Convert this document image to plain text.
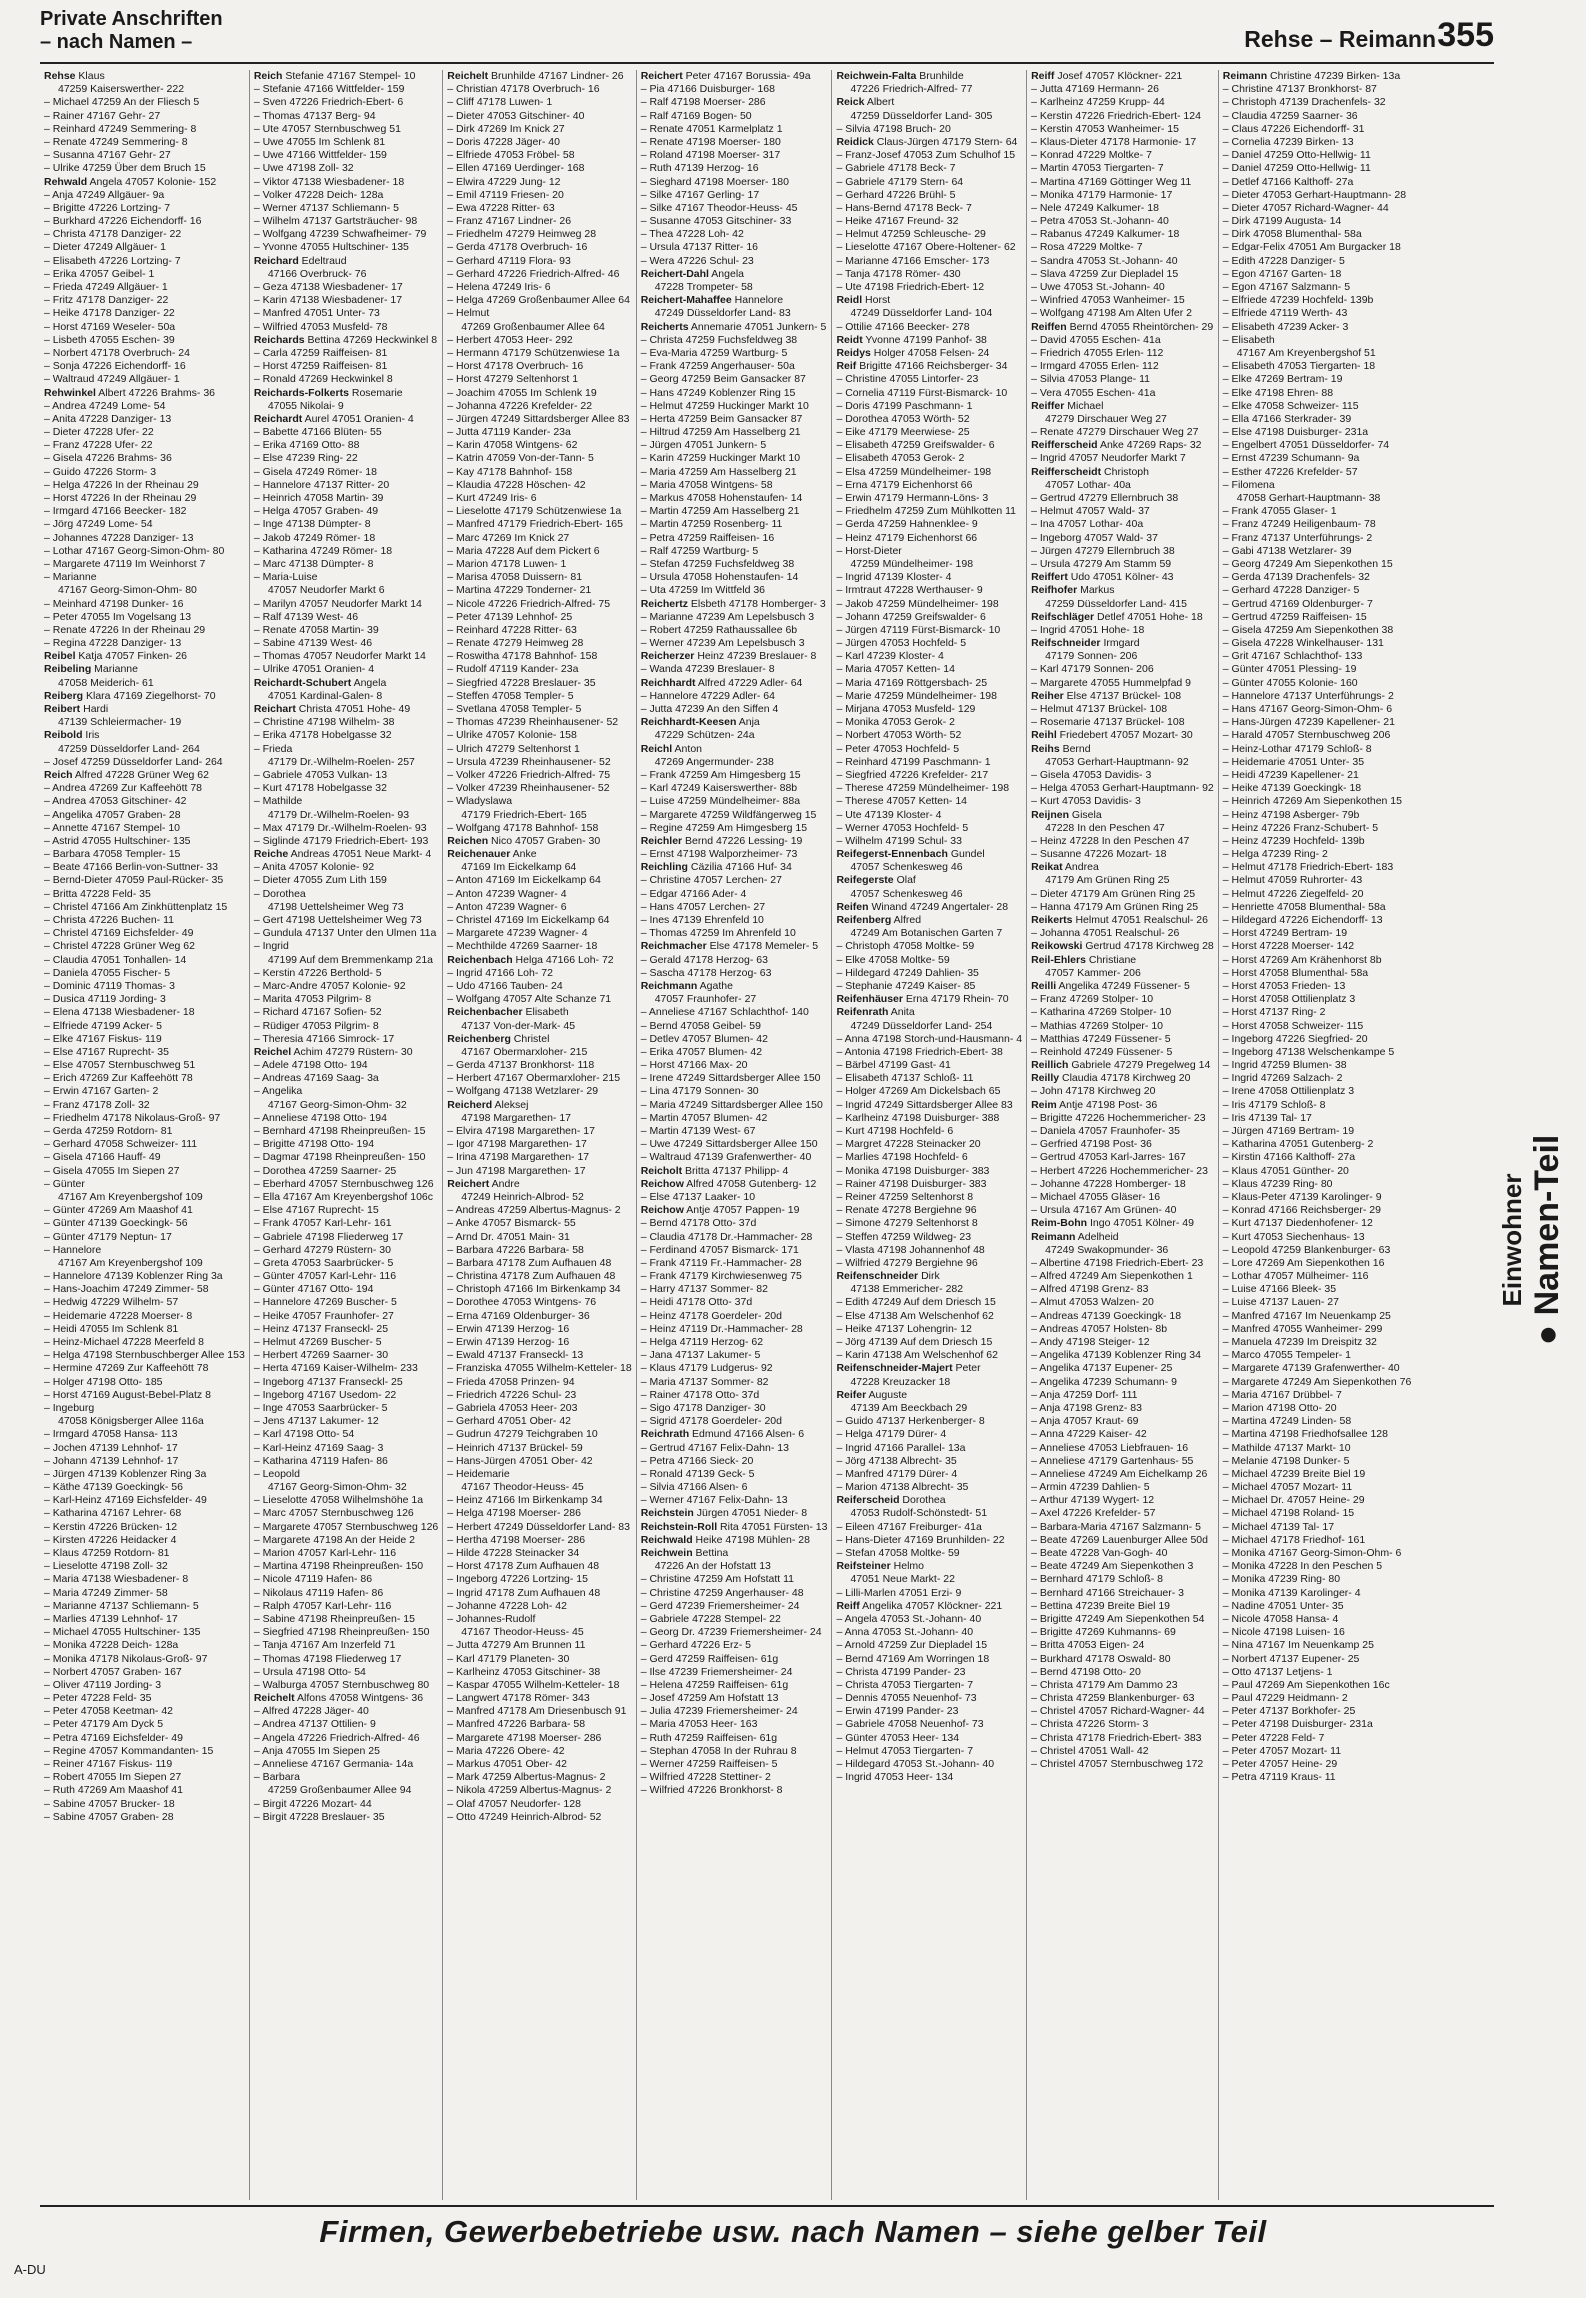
Private Anschriften
– nach Namen –	Rehse – Reimann 355
Rehse Klaus
47259 Kaiserswerther- 222
– Michael 47259 An der Fliesch 5
– Rainer 47167 Gehr- 27
– Reinhard 47249 Semmering- 8
– Renate 47249 Semmering- 8
– Susanna 47167 Gehr- 27
– Ulrike 47259 Über dem Bruch 15
Rehwald Angela 47057 Kolonie- 152
– Anja 47249 Allgäuer- 9a
– Brigitte 47226 Lortzing- 7
– Burkhard 47226 Eichendorff- 16
– Christa 47178 Danziger- 22
– Dieter 47249 Allgäuer- 1
– Elisabeth 47226 Lortzing- 7
– Erika 47057 Geibel- 1
– Frieda 47249 Allgäuer- 1
– Fritz 47178 Danziger- 22
– Heike 47178 Danziger- 22
– Horst 47169 Weseler- 50a
– Lisbeth 47055 Eschen- 39
– Norbert 47178 Overbruch- 24
– Sonja 47226 Eichendorff- 16
– Waltraud 47249 Allgäuer- 1
Rehwinkel Albert 47226 Brahms- 36
– Andrea 47249 Lome- 54
– Anita 47228 Danziger- 13
– Dieter 47228 Ufer- 22
– Franz 47228 Ufer- 22
– Gisela 47226 Brahms- 36
– Guido 47226 Storm- 3
– Helga 47226 In der Rheinau 29
– Horst 47226 In der Rheinau 29
– Irmgard 47166 Beecker- 182
– Jörg 47249 Lome- 54
– Johannes 47228 Danziger- 13
– Lothar 47167 Georg-Simon-Ohm- 80
– Margarete 47119 Im Weinhorst 7
– Marianne
47167 Georg-Simon-Ohm- 80
– Meinhard 47198 Dunker- 16
– Peter 47055 Im Vogelsang 13
– Renate 47226 In der Rheinau 29
– Regina 47228 Danziger- 13
Reibel Katja 47057 Finken- 26
Reibeling Marianne
47058 Meiderich- 61
Reiberg Klara 47169 Ziegelhorst- 70
Reibert Hardi
47139 Schleiermacher- 19
Reibold Iris
47259 Düsseldorfer Land- 264
– Josef 47259 Düsseldorfer Land- 264
Reich Alfred 47228 Grüner Weg 62
– Andrea 47269 Zur Kaffeehött 78
– Andrea 47053 Gitschiner- 42
– Angelika 47057 Graben- 28
– Annette 47167 Stempel- 10
– Astrid 47055 Hultschiner- 135
– Barbara 47058 Templer- 15
– Beate 47166 Berlin-von-Suttner- 33
– Bernd-Dieter 47059 Paul-Rücker- 35
– Britta 47228 Feld- 35
– Christel 47166 Am Zinkhüttenplatz 15
– Christa 47226 Buchen- 11
– Christel 47169 Eichsfelder- 49
– Christel 47228 Grüner Weg 62
– Claudia 47051 Tonhallen- 14
– Daniela 47055 Fischer- 5
– Dominic 47119 Thomas- 3
– Dusica 47119 Jording- 3
– Elena 47138 Wiesbadener- 18
– Elfriede 47199 Acker- 5
– Elke 47167 Fiskus- 119
– Else 47167 Ruprecht- 35
– Else 47057 Sternbuschweg 51
– Erich 47269 Zur Kaffeehött 78
– Erwin 47167 Garten- 2
– Franz 47178 Zoll- 32
– Friedhelm 47178 Nikolaus-Groß- 97
– Gerda 47259 Rotdorn- 81
– Gerhard 47058 Schweizer- 111
– Gisela 47166 Hauff- 49
– Gisela 47055 Im Siepen 27
– Günter
47167 Am Kreyenbergshof 109
– Günter 47269 Am Maashof 41
– Günter 47139 Goeckingk- 56
– Günter 47179 Neptun- 17
– Hannelore
47167 Am Kreyenbergshof 109
– Hannelore 47139 Koblenzer Ring 3a
– Hans-Joachim 47249 Zimmer- 58
– Hedwig 47229 Wilhelm- 57
– Heidemarie 47228 Moerser- 8
– Heidi 47055 Im Schlenk 81
– Heinz-Michael 47228 Meerfeld 8
– Helga 47198 Sternbuschberger Allee 153
– Hermine 47269 Zur Kaffeehött 78
– Holger 47198 Otto- 185
– Horst 47169 August-Bebel-Platz 8
– Ingeburg
47058 Königsberger Allee 116a
– Irmgard 47058 Hansa- 113
– Jochen 47139 Lehnhof- 17
– Johann 47139 Lehnhof- 17
– Jürgen 47139 Koblenzer Ring 3a
– Käthe 47139 Goeckingk- 56
– Karl-Heinz 47169 Eichsfelder- 49
– Katharina 47167 Lehrer- 68
– Kerstin 47226 Brücken- 12
– Kirsten 47226 Heidacker 4
– Klaus 47259 Rotdorn- 81
– Lieselotte 47198 Zoll- 32
– Maria 47138 Wiesbadener- 8
– Maria 47249 Zimmer- 58
– Marianne 47137 Schliemann- 5
– Marlies 47139 Lehnhof- 17
– Michael 47055 Hultschiner- 135
– Monika 47228 Deich- 128a
– Monika 47178 Nikolaus-Groß- 97
– Norbert 47057 Graben- 167
– Oliver 47119 Jording- 3
– Peter 47228 Feld- 35
– Peter 47058 Keetman- 42
– Peter 47179 Am Dyck 5
– Petra 47169 Eichsfelder- 49
– Regine 47057 Kommandanten- 15
– Reiner 47167 Fiskus- 119
– Robert 47055 Im Siepen 27
– Ruth 47269 Am Maashof 41
– Sabine 47057 Brucker- 18
– Sabine 47057 Graben- 28
Reich Stefanie 47167 Stempel- 10
– Stefanie 47166 Wittfelder- 159
– Sven 47226 Friedrich-Ebert- 6
– Thomas 47137 Berg- 94
– Ute 47057 Sternbuschweg 51
– Uwe 47055 Im Schlenk 81
– Uwe 47166 Wittfelder- 159
– Uwe 47198 Zoll- 32
– Viktor 47138 Wiesbadener- 18
– Volker 47228 Deich- 128a
– Werner 47137 Schliemann- 5
– Wilhelm 47137 Gartsträucher- 98
– Wolfgang 47239 Schwafheimer- 79
– Yvonne 47055 Hultschiner- 135
Reichard Edeltraud
47166 Overbruck- 76
– Geza 47138 Wiesbadener- 17
– Karin 47138 Wiesbadener- 17
– Manfred 47051 Unter- 73
– Wilfried 47053 Musfeld- 78
Reichards Bettina 47269 Heckwinkel 8
– Carla 47259 Raiffeisen- 81
– Horst 47259 Raiffeisen- 81
– Ronald 47269 Heckwinkel 8
Reichards-Folkerts Rosemarie
47055 Nikolai- 9
Reichardt Aurel 47051 Oranien- 4
– Babette 47166 Blüten- 55
– Erika 47169 Otto- 88
– Else 47239 Ring- 22
– Gisela 47249 Römer- 18
– Hannelore 47137 Ritter- 20
– Heinrich 47058 Martin- 39
– Helga 47057 Graben- 49
– Inge 47138 Dümpter- 8
– Jakob 47249 Römer- 18
– Katharina 47249 Römer- 18
– Marc 47138 Dümpter- 8
– Maria-Luise
47057 Neudorfer Markt 6
– Marilyn 47057 Neudorfer Markt 14
– Ralf 47139 West- 46
– Renate 47058 Martin- 39
– Sabine 47139 West- 46
– Thomas 47057 Neudorfer Markt 14
– Ulrike 47051 Oranien- 4
Reichardt-Schubert Angela
47051 Kardinal-Galen- 8
Reichart Christa 47051 Hohe- 49
– Christine 47198 Wilhelm- 38
– Erika 47178 Hobelgasse 32
– Frieda
47179 Dr.-Wilhelm-Roelen- 257
– Gabriele 47053 Vulkan- 13
– Kurt 47178 Hobelgasse 32
– Mathilde
47179 Dr.-Wilhelm-Roelen- 93
– Max 47179 Dr.-Wilhelm-Roelen- 93
– Siglinde 47179 Friedrich-Ebert- 193
Reiche Andreas 47051 Neue Markt- 4
– Anita 47057 Kolonie- 92
– Dieter 47055 Zum Lith 159
– Dorothea
47198 Uettelsheimer Weg 73
– Gert 47198 Uettelsheimer Weg 73
– Gundula 47137 Unter den Ulmen 11a
– Ingrid
47199 Auf dem Bremmenkamp 21a
– Kerstin 47226 Berthold- 5
– Marc-Andre 47057 Kolonie- 92
– Marita 47053 Pilgrim- 8
– Richard 47167 Sofien- 52
– Rüdiger 47053 Pilgrim- 8
– Theresia 47166 Simrock- 17
Reichel Achim 47279 Rüstern- 30
– Adele 47198 Otto- 194
– Andreas 47169 Saag- 3a
– Angelika
47167 Georg-Simon-Ohm- 32
– Anneliese 47198 Otto- 194
– Bernhard 47198 Rheinpreußen- 15
– Brigitte 47198 Otto- 194
– Dagmar 47198 Rheinpreußen- 150
– Dorothea 47259 Saarner- 25
– Eberhard 47057 Sternbuschweg 126
– Ella 47167 Am Kreyenbergshof 106c
– Else 47167 Ruprecht- 15
– Frank 47057 Karl-Lehr- 161
– Gabriele 47198 Fliederweg 17
– Gerhard 47279 Rüstern- 30
– Greta 47053 Saarbrücker- 5
– Günter 47057 Karl-Lehr- 116
– Günter 47167 Otto- 194
– Hannelore 47269 Buscher- 5
– Heike 47057 Fraunhofer- 27
– Heinz 47137 Franseckl- 25
– Helmut 47269 Buscher- 5
– Herbert 47269 Saarner- 30
– Herta 47169 Kaiser-Wilhelm- 233
– Ingeborg 47137 Franseckl- 25
– Ingeborg 47167 Usedom- 22
– Inge 47053 Saarbrücker- 5
– Jens 47137 Lakumer- 12
– Karl 47198 Otto- 54
– Karl-Heinz 47169 Saag- 3
– Katharina 47119 Hafen- 86
– Leopold
47167 Georg-Simon-Ohm- 32
– Lieselotte 47058 Wilhelmshöhe 1a
– Marc 47057 Sternbuschweg 126
– Margarete 47057 Sternbuschweg 126
– Margarete 47198 An der Heide 2
– Marion 47057 Karl-Lehr- 116
– Martina 47198 Rheinpreußen- 150
– Nicole 47119 Hafen- 86
– Nikolaus 47119 Hafen- 86
– Ralph 47057 Karl-Lehr- 116
– Sabine 47198 Rheinpreußen- 15
– Siegfried 47198 Rheinpreußen- 150
– Tanja 47167 Am Inzerfeld 71
– Thomas 47198 Fliederweg 17
– Ursula 47198 Otto- 54
– Walburga 47057 Sternbuschweg 80
Reichelt Alfons 47058 Wintgens- 36
– Alfred 47228 Jäger- 40
– Andrea 47137 Ottilien- 9
– Angela 47226 Friedrich-Alfred- 46
– Anja 47055 Im Siepen 25
– Anneliese 47167 Germania- 14a
– Barbara
47259 Großenbaumer Allee 94
– Birgit 47226 Mozart- 44
– Birgit 47228 Breslauer- 35
Reichelt Brunhilde 47167 Lindner- 26
– Christian 47178 Overbruch- 16
– Cliff 47178 Luwen- 1
– Dieter 47053 Gitschiner- 40
– Dirk 47269 Im Knick 27
– Doris 47228 Jäger- 40
– Elfriede 47053 Fröbel- 58
– Ellen 47169 Uerdinger- 168
– Elwira 47229 Jung- 12
– Emil 47119 Friesen- 20
– Ewa 47228 Ritter- 63
– Franz 47167 Lindner- 26
– Friedhelm 47279 Heimweg 28
– Gerda 47178 Overbruch- 16
– Gerhard 47119 Flora- 93
– Gerhard 47226 Friedrich-Alfred- 46
– Helena 47249 Iris- 6
– Helga 47269 Großenbaumer Allee 64
– Helmut
47269 Großenbaumer Allee 64
– Herbert 47053 Heer- 292
– Hermann 47179 Schützenwiese 1a
– Horst 47178 Overbruch- 16
– Horst 47279 Seltenhorst 1
– Joachim 47055 Im Schlenk 19
– Johanna 47226 Krefelder- 22
– Jürgen 47249 Sittardsberger Allee 83
– Jutta 47119 Kander- 23a
– Karin 47058 Wintgens- 62
– Katrin 47059 Von-der-Tann- 5
– Kay 47178 Bahnhof- 158
– Klaudia 47228 Höschen- 42
– Kurt 47249 Iris- 6
– Lieselotte 47179 Schützenwiese 1a
– Manfred 47179 Friedrich-Ebert- 165
– Marc 47269 Im Knick 27
– Maria 47228 Auf dem Pickert 6
– Marion 47178 Luwen- 1
– Marisa 47058 Duissern- 81
– Martina 47229 Tonderner- 21
– Nicole 47226 Friedrich-Alfred- 75
– Peter 47139 Lehnhof- 25
– Reinhard 47228 Ritter- 63
– Renate 47279 Heimweg 28
– Roswitha 47178 Bahnhof- 158
– Rudolf 47119 Kander- 23a
– Siegfried 47228 Breslauer- 35
– Steffen 47058 Templer- 5
– Svetlana 47058 Templer- 5
– Thomas 47239 Rheinhausener- 52
– Ulrike 47057 Kolonie- 158
– Ulrich 47279 Seltenhorst 1
– Ursula 47239 Rheinhausener- 52
– Volker 47226 Friedrich-Alfred- 75
– Volker 47239 Rheinhausener- 52
– Wladyslawa
47179 Friedrich-Ebert- 165
– Wolfgang 47178 Bahnhof- 158
Reichen Nico 47057 Graben- 30
Reichenauer Anke
47169 Im Eickelkamp 64
– Anton 47169 Im Eickelkamp 64
– Anton 47239 Wagner- 4
– Anton 47239 Wagner- 6
– Christel 47169 Im Eickelkamp 64
– Margarete 47239 Wagner- 4
– Mechthilde 47269 Saarner- 18
Reichenbach Helga 47166 Loh- 72
– Ingrid 47166 Loh- 72
– Udo 47166 Tauben- 24
– Wolfgang 47057 Alte Schanze 71
Reichenbacher Elisabeth
47137 Von-der-Mark- 45
Reichenberg Christel
47167 Obermarxloher- 215
– Gerda 47137 Bronkhorst- 118
– Herbert 47167 Obermarxloher- 215
– Wolfgang 47138 Wetzlarer- 29
Reicherd Aleksej
47198 Margarethen- 17
– Elvira 47198 Margarethen- 17
– Igor 47198 Margarethen- 17
– Irina 47198 Margarethen- 17
– Jun 47198 Margarethen- 17
Reichert Andre
47249 Heinrich-Albrod- 52
– Andreas 47259 Albertus-Magnus- 2
– Anke 47057 Bismarck- 55
– Arnd Dr. 47051 Main- 31
– Barbara 47226 Barbara- 58
– Barbara 47178 Zum Aufhauen 48
– Christina 47178 Zum Aufhauen 48
– Christoph 47166 Im Birkenkamp 34
– Dorothee 47053 Wintgens- 76
– Erna 47169 Oldenburger- 36
– Erwin 47139 Herzog- 16
– Erwin 47139 Herzog- 16
– Ewald 47137 Franseckl- 13
– Franziska 47055 Wilhelm-Ketteler- 18
– Frieda 47058 Prinzen- 94
– Friedrich 47226 Schul- 23
– Gabriela 47053 Heer- 203
– Gerhard 47051 Ober- 42
– Gudrun 47279 Teichgraben 10
– Heinrich 47137 Brückel- 59
– Hans-Jürgen 47051 Ober- 42
– Heidemarie
47167 Theodor-Heuss- 45
– Heinz 47166 Im Birkenkamp 34
– Helga 47198 Moerser- 286
– Herbert 47249 Düsseldorfer Land- 83
– Hertha 47198 Moerser- 286
– Hilde 47228 Steinacker 34
– Horst 47178 Zum Aufhauen 48
– Ingeborg 47226 Lortzing- 15
– Ingrid 47178 Zum Aufhauen 48
– Johanne 47228 Loh- 42
– Johannes-Rudolf
47167 Theodor-Heuss- 45
– Jutta 47279 Am Brunnen 11
– Karl 47179 Planeten- 30
– Karlheinz 47053 Gitschiner- 38
– Kaspar 47055 Wilhelm-Ketteler- 18
– Langwert 47178 Römer- 343
– Manfred 47178 Am Driesenbusch 91
– Manfred 47226 Barbara- 58
– Margarete 47198 Moerser- 286
– Maria 47226 Obere- 42
– Markus 47051 Ober- 42
– Mark 47259 Albertus-Magnus- 2
– Nikola 47259 Albertus-Magnus- 2
– Olaf 47057 Neudorfer- 128
– Otto 47249 Heinrich-Albrod- 52
Reichert Peter 47167 Borussia- 49a
– Pia 47166 Duisburger- 168
– Ralf 47198 Moerser- 286
– Ralf 47169 Bogen- 50
– Renate 47051 Karmelplatz 1
– Renate 47198 Moerser- 180
– Roland 47198 Moerser- 317
– Ruth 47139 Herzog- 16
– Sieghard 47198 Moerser- 180
– Silke 47167 Gerling- 17
– Silke 47167 Theodor-Heuss- 45
– Susanne 47053 Gitschiner- 33
– Thea 47228 Loh- 42
– Ursula 47137 Ritter- 16
– Wera 47226 Schul- 23
Reichert-Dahl Angela
47228 Trompeter- 58
Reichert-Mahaffee Hannelore
47249 Düsseldorfer Land- 83
Reicherts Annemarie 47051 Junkern- 5
– Christa 47259 Fuchsfeldweg 38
– Eva-Maria 47259 Wartburg- 5
– Frank 47259 Angerhauser- 50a
– Georg 47259 Beim Gansacker 87
– Hans 47249 Koblenzer Ring 15
– Helmut 47259 Huckinger Markt 10
– Herta 47259 Beim Gansacker 87
– Hiltrud 47259 Am Hasselberg 21
– Jürgen 47051 Junkern- 5
– Karin 47259 Huckinger Markt 10
– Maria 47259 Am Hasselberg 21
– Maria 47058 Wintgens- 58
– Markus 47058 Hohenstaufen- 14
– Martin 47259 Am Hasselberg 21
– Martin 47259 Rosenberg- 11
– Petra 47259 Raiffeisen- 16
– Ralf 47259 Wartburg- 5
– Stefan 47259 Fuchsfeldweg 38
– Ursula 47058 Hohenstaufen- 14
– Uta 47259 Im Wittfeld 36
Reichertz Elsbeth 47178 Homberger- 3
– Marianne 47239 Am Lepelsbusch 3
– Robert 47259 Rathaussallee 6b
– Werner 47239 Am Lepelsbusch 3
Reicherzer Heinz 47239 Breslauer- 8
– Wanda 47239 Breslauer- 8
Reichhardt Alfred 47229 Adler- 64
– Hannelore 47229 Adler- 64
– Jutta 47239 An den Siffen 4
Reichhardt-Keesen Anja
47229 Schützen- 24a
Reichl Anton
47269 Angermunder- 238
– Frank 47259 Am Himgesberg 15
– Karl 47249 Kaiserswerther- 88b
– Luise 47259 Mündelheimer- 88a
– Margarete 47259 Wildfängerweg 15
– Regine 47259 Am Himgesberg 15
Reichler Bernd 47226 Lessing- 19
– Ernst 47198 Walporzheimer- 73
Reichling Cäzilia 47166 Huf- 34
– Christine 47057 Lerchen- 27
– Edgar 47166 Ader- 4
– Hans 47057 Lerchen- 27
– Ines 47139 Ehrenfeld 10
– Thomas 47259 Im Ahrenfeld 10
Reichmacher Else 47178 Memeler- 5
– Gerald 47178 Herzog- 63
– Sascha 47178 Herzog- 63
Reichmann Agathe
47057 Fraunhofer- 27
– Anneliese 47167 Schlachthof- 140
– Bernd 47058 Geibel- 59
– Detlev 47057 Blumen- 42
– Erika 47057 Blumen- 42
– Horst 47166 Max- 20
– Irene 47249 Sittardsberger Allee 150
– Lina 47179 Sonnen- 30
– Maria 47249 Sittardsberger Allee 150
– Martin 47057 Blumen- 42
– Martin 47139 West- 67
– Uwe 47249 Sittardsberger Allee 150
– Waltraud 47139 Grafenwerther- 40
Reicholt Britta 47137 Philipp- 4
Reichow Alfred 47058 Gutenberg- 12
– Else 47137 Laaker- 10
Reichow Antje 47057 Pappen- 19
– Bernd 47178 Otto- 37d
– Claudia 47178 Dr.-Hammacher- 28
– Ferdinand 47057 Bismarck- 171
– Frank 47119 Fr.-Hammacher- 28
– Frank 47179 Kirchwiesenweg 75
– Harry 47137 Sommer- 82
– Heidi 47178 Otto- 37d
– Heinz 47178 Goerdeler- 20d
– Heinz 47119 Dr.-Hammacher- 28
– Helga 47119 Herzog- 62
– Jana 47137 Lakumer- 5
– Klaus 47179 Ludgerus- 92
– Maria 47137 Sommer- 82
– Rainer 47178 Otto- 37d
– Sigo 47178 Danziger- 30
– Sigrid 47178 Goerdeler- 20d
Reichrath Edmund 47166 Alsen- 6
– Gertrud 47167 Felix-Dahn- 13
– Petra 47166 Sieck- 20
– Ronald 47139 Geck- 5
– Silvia 47166 Alsen- 6
– Werner 47167 Felix-Dahn- 13
Reichstein Jürgen 47051 Nieder- 8
Reichstein-Roll Rita 47051 Fürsten- 13
Reichwald Heike 47198 Mühlen- 28
Reichwein Bettina
47226 An der Hofstatt 13
– Christine 47259 Am Hofstatt 11
– Christine 47259 Angerhauser- 48
– Gerd 47239 Friemersheimer- 24
– Gabriele 47228 Stempel- 22
– Georg Dr. 47239 Friemersheimer- 24
– Gerhard 47226 Erz- 5
– Gerd 47259 Raiffeisen- 61g
– Ilse 47239 Friemersheimer- 24
– Helena 47259 Raiffeisen- 61g
– Josef 47259 Am Hofstatt 13
– Julia 47239 Friemersheimer- 24
– Maria 47053 Heer- 163
– Ruth 47259 Raiffeisen- 61g
– Stephan 47058 In der Ruhrau 8
– Werner 47259 Raiffeisen- 5
– Wilfried 47228 Stettiner- 2
– Wilfried 47226 Bronkhorst- 8
Reichwein-Falta Brunhilde
47226 Friedrich-Alfred- 77
Reick Albert
47259 Düsseldorfer Land- 305
– Silvia 47198 Bruch- 20
Reidick Claus-Jürgen 47179 Stern- 64
– Franz-Josef 47053 Zum Schulhof 15
– Gabriele 47178 Beck- 7
– Gabriele 47179 Stern- 64
– Gerhard 47226 Brühl- 5
– Hans-Bernd 47178 Beck- 7
– Heike 47167 Freund- 32
– Helmut 47259 Schleusche- 29
– Lieselotte 47167 Obere-Holtener- 62
– Marianne 47166 Emscher- 173
– Tanja 47178 Römer- 430
– Ute 47198 Friedrich-Ebert- 12
Reidl Horst
47249 Düsseldorfer Land- 104
– Ottilie 47166 Beecker- 278
Reidt Yvonne 47199 Panhof- 38
Reidys Holger 47058 Felsen- 24
Reif Brigitte 47166 Reichsberger- 34
– Christine 47055 Lintorfer- 23
– Cornelia 47119 Fürst-Bismarck- 10
– Doris 47199 Paschmann- 1
– Dorothea 47053 Wörth- 52
– Eike 47179 Meerwiese- 25
– Elisabeth 47259 Greifswalder- 6
– Elisabeth 47053 Gerok- 2
– Elsa 47259 Mündelheimer- 198
– Erna 47179 Eichenhorst 66
– Erwin 47179 Hermann-Löns- 3
– Friedhelm 47259 Zum Mühlkotten 11
– Gerda 47259 Hahnenklee- 9
– Heinz 47179 Eichenhorst 66
– Horst-Dieter
47259 Mündelheimer- 198
– Ingrid 47139 Kloster- 4
– Irmtraut 47228 Werthauser- 9
– Jakob 47259 Mündelheimer- 198
– Johann 47259 Greifswalder- 6
– Jürgen 47119 Fürst-Bismarck- 10
– Jürgen 47053 Hochfeld- 5
– Karl 47239 Kloster- 4
– Maria 47057 Ketten- 14
– Maria 47169 Röttgersbach- 25
– Marie 47259 Mündelheimer- 198
– Mirjana 47053 Musfeld- 129
– Monika 47053 Gerok- 2
– Norbert 47053 Wörth- 52
– Peter 47053 Hochfeld- 5
– Reinhard 47199 Paschmann- 1
– Siegfried 47226 Krefelder- 217
– Therese 47259 Mündelheimer- 198
– Therese 47057 Ketten- 14
– Ute 47139 Kloster- 4
– Werner 47053 Hochfeld- 5
– Wilhelm 47199 Schul- 33
Reifegerst-Ennenbach Gundel
47057 Schenkesweg 46
Reifegerste Olaf
47057 Schenkesweg 46
Reifen Winand 47249 Angertaler- 28
Reifenberg Alfred
47249 Am Botanischen Garten 7
– Christoph 47058 Moltke- 59
– Elke 47058 Moltke- 59
– Hildegard 47249 Dahlien- 35
– Stephanie 47249 Kaiser- 85
Reifenhäuser Erna 47179 Rhein- 70
Reifenrath Anita
47249 Düsseldorfer Land- 254
– Anna 47198 Storch-und-Hausmann- 4
– Antonia 47198 Friedrich-Ebert- 38
– Bärbel 47199 Gast- 41
– Elisabeth 47137 Schloß- 11
– Holger 47269 Am Dickelsbach 65
– Ingrid 47249 Sittardsberger Allee 83
– Karlheinz 47198 Duisburger- 388
– Kurt 47198 Hochfeld- 6
– Margret 47228 Steinacker 20
– Marlies 47198 Hochfeld- 6
– Monika 47198 Duisburger- 383
– Rainer 47198 Duisburger- 383
– Reiner 47259 Seltenhorst 8
– Renate 47278 Bergiehne 96
– Simone 47279 Seltenhorst 8
– Steffen 47259 Wildweg- 23
– Vlasta 47198 Johannenhof 48
– Wilfried 47279 Bergiehne 96
Reifenschneider Dirk
47138 Emmericher- 282
– Edith 47249 Auf dem Driesch 15
– Else 47138 Am Welschenhof 62
– Heike 47137 Lohengrin- 12
– Jörg 47139 Auf dem Driesch 15
– Karin 47138 Am Welschenhof 62
Reifenschneider-Majert Peter
47228 Kreuzacker 18
Reifer Auguste
47139 Am Beeckbach 29
– Guido 47137 Herkenberger- 8
– Helga 47179 Dürer- 4
– Ingrid 47166 Parallel- 13a
– Jörg 47138 Albrecht- 35
– Manfred 47179 Dürer- 4
– Marion 47138 Albrecht- 35
Reiferscheid Dorothea
47053 Rudolf-Schönstedt- 51
– Eileen 47167 Freiburger- 41a
– Hans-Dieter 47169 Brunhilden- 22
– Stefan 47058 Moltke- 59
Reifsteiner Helmo
47051 Neue Markt- 22
– Lilli-Marlen 47051 Erzi- 9
Reiff Angelika 47057 Klöckner- 221
– Angela 47053 St.-Johann- 40
– Anna 47053 St.-Johann- 40
– Arnold 47259 Zur Diepladel 15
– Bernd 47169 Am Worringen 18
– Christa 47199 Pander- 23
– Christa 47053 Tiergarten- 7
– Dennis 47055 Neuenhof- 73
– Erwin 47199 Pander- 23
– Gabriele 47058 Neuenhof- 73
– Günter 47053 Heer- 134
– Helmut 47053 Tiergarten- 7
– Hildegard 47053 St.-Johann- 40
– Ingrid 47053 Heer- 134
Reiff Josef 47057 Klöckner- 221
– Jutta 47169 Hermann- 26
– Karlheinz 47259 Krupp- 44
– Kerstin 47226 Friedrich-Ebert- 124
– Kerstin 47053 Wanheimer- 15
– Klaus-Dieter 47178 Harmonie- 17
– Konrad 47229 Moltke- 7
– Martin 47053 Tiergarten- 7
– Martina 47169 Göttinger Weg 11
– Monika 47179 Harmonie- 17
– Nele 47249 Kalkumer- 18
– Petra 47053 St.-Johann- 40
– Rabanus 47249 Kalkumer- 18
– Rosa 47229 Moltke- 7
– Sandra 47053 St.-Johann- 40
– Slava 47259 Zur Diepladel 15
– Uwe 47053 St.-Johann- 40
– Winfried 47053 Wanheimer- 15
– Wolfgang 47198 Am Alten Ufer 2
Reiffen Bernd 47055 Rheintörchen- 29
– David 47055 Eschen- 41a
– Friedrich 47055 Erlen- 112
– Irmgard 47055 Erlen- 112
– Silvia 47053 Plange- 11
– Vera 47055 Eschen- 41a
Reiffer Michael
47279 Dirschauer Weg 27
– Renate 47279 Dirschauer Weg 27
Reifferscheid Anke 47269 Raps- 32
– Ingrid 47057 Neudorfer Markt 7
Reifferscheidt Christoph
47057 Lothar- 40a
– Gertrud 47279 Ellernbruch 38
– Helmut 47057 Wald- 37
– Ina 47057 Lothar- 40a
– Ingeborg 47057 Wald- 37
– Jürgen 47279 Ellernbruch 38
– Ursula 47279 Am Stamm 59
Reiffert Udo 47051 Kölner- 43
Reifhofer Markus
47259 Düsseldorfer Land- 415
Reifschläger Detlef 47051 Hohe- 18
– Ingrid 47051 Hohe- 18
Reifschneider Irmgard
47179 Sonnen- 206
– Karl 47179 Sonnen- 206
– Margarete 47055 Hummelpfad 9
Reiher Else 47137 Brückel- 108
– Helmut 47137 Brückel- 108
– Rosemarie 47137 Brückel- 108
Reihl Friedebert 47057 Mozart- 30
Reihs Bernd
47053 Gerhart-Hauptmann- 92
– Gisela 47053 Davidis- 3
– Helga 47053 Gerhart-Hauptmann- 92
– Kurt 47053 Davidis- 3
Reijnen Gisela
47228 In den Peschen 47
– Heinz 47228 In den Peschen 47
– Susanne 47226 Mozart- 18
Reikat Andrea
47179 Am Grünen Ring 25
– Dieter 47179 Am Grünen Ring 25
– Hanna 47179 Am Grünen Ring 25
Reikerts Helmut 47051 Realschul- 26
– Johanna 47051 Realschul- 26
Reikowski Gertrud 47178 Kirchweg 28
Reil-Ehlers Christiane
47057 Kammer- 206
Reilli Angelika 47249 Füssener- 5
– Franz 47269 Stolper- 10
– Katharina 47269 Stolper- 10
– Mathias 47269 Stolper- 10
– Matthias 47249 Füssener- 5
– Reinhold 47249 Füssener- 5
Reillich Gabriele 47279 Pregelweg 14
Reilly Claudia 47178 Kirchweg 20
– John 47178 Kirchweg 20
Reim Antje 47198 Post- 36
– Brigitte 47226 Hochemmericher- 23
– Daniela 47057 Fraunhofer- 35
– Gerfried 47198 Post- 36
– Gertrud 47053 Karl-Jarres- 167
– Herbert 47226 Hochemmericher- 23
– Johanne 47228 Homberger- 18
– Michael 47055 Gläser- 16
– Ursula 47167 Am Grünen- 40
Reim-Bohn Ingo 47051 Kölner- 49
Reimann Adelheid
47249 Swakopmunder- 36
– Albertine 47198 Friedrich-Ebert- 23
– Alfred 47249 Am Siepenkothen 1
– Alfred 47198 Grenz- 83
– Almut 47053 Walzen- 20
– Andreas 47139 Goeckingk- 18
– Andreas 47057 Holsten- 8b
– Andy 47198 Steiger- 12
– Angelika 47139 Koblenzer Ring 34
– Angelika 47137 Eupener- 25
– Angelika 47239 Schumann- 9
– Anja 47259 Dorf- 111
– Anja 47198 Grenz- 83
– Anja 47057 Kraut- 69
– Anna 47229 Kaiser- 42
– Anneliese 47053 Liebfrauen- 16
– Anneliese 47179 Gartenhaus- 55
– Anneliese 47249 Am Eichelkamp 26
– Armin 47239 Dahlien- 5
– Arthur 47139 Wygert- 12
– Axel 47226 Krefelder- 57
– Barbara-Maria 47167 Salzmann- 5
– Beate 47269 Lauenburger Allee 50d
– Beate 47228 Van-Gogh- 40
– Beate 47249 Am Siepenkothen 3
– Bernhard 47179 Schloß- 8
– Bernhard 47166 Streichauer- 3
– Bettina 47239 Breite Biel 19
– Brigitte 47249 Am Siepenkothen 54
– Brigitte 47269 Kuhmanns- 69
– Britta 47053 Eigen- 24
– Burkhard 47178 Oswald- 80
– Bernd 47198 Otto- 20
– Christa 47179 Am Dammo 23
– Christa 47259 Blankenburger- 63
– Christel 47057 Richard-Wagner- 44
– Christa 47226 Storm- 3
– Christa 47178 Friedrich-Ebert- 383
– Christel 47051 Wall- 42
– Christel 47057 Sternbuschweg 172
Reimann Christine 47239 Birken- 13a
– Christine 47137 Bronkhorst- 87
– Christoph 47139 Drachenfels- 32
– Claudia 47259 Saarner- 36
– Claus 47226 Eichendorff- 31
– Cornelia 47239 Birken- 13
– Daniel 47259 Otto-Hellwig- 11
– Daniel 47259 Otto-Hellwig- 11
– Detlef 47166 Kalthoff- 27a
– Dieter 47053 Gerhart-Hauptmann- 28
– Dieter 47057 Richard-Wagner- 44
– Dirk 47199 Augusta- 14
– Dirk 47058 Blumenthal- 58a
– Edgar-Felix 47051 Am Burgacker 18
– Edith 47228 Danziger- 5
– Egon 47167 Garten- 18
– Egon 47167 Salzmann- 5
– Elfriede 47239 Hochfeld- 139b
– Elfriede 47119 Werth- 43
– Elisabeth 47239 Acker- 3
– Elisabeth
47167 Am Kreyenbergshof 51
– Elisabeth 47053 Tiergarten- 18
– Elke 47269 Bertram- 19
– Elke 47198 Ehren- 88
– Elke 47058 Schweizer- 115
– Ella 47166 Sterkrader- 39
– Else 47198 Duisburger- 231a
– Engelbert 47051 Düsseldorfer- 74
– Ernst 47239 Schumann- 9a
– Esther 47226 Krefelder- 57
– Filomena
47058 Gerhart-Hauptmann- 38
– Frank 47055 Glaser- 1
– Franz 47249 Heiligenbaum- 78
– Franz 47137 Unterführungs- 2
– Gabi 47138 Wetzlarer- 39
– Georg 47249 Am Siepenkothen 15
– Gerda 47139 Drachenfels- 32
– Gerhard 47228 Danziger- 5
– Gertrud 47169 Oldenburger- 7
– Gertrud 47259 Raiffeisen- 15
– Gisela 47259 Am Siepenkothen 38
– Gisela 47228 Winkelhauser- 131
– Grit 47167 Schlachthof- 133
– Günter 47051 Plessing- 19
– Günter 47055 Kolonie- 160
– Hannelore 47137 Unterführungs- 2
– Hans 47167 Georg-Simon-Ohm- 6
– Hans-Jürgen 47239 Kapellener- 21
– Harald 47057 Sternbuschweg 206
– Heinz-Lothar 47179 Schloß- 8
– Heidemarie 47051 Unter- 35
– Heidi 47239 Kapellener- 21
– Heike 47139 Goeckingk- 18
– Heinrich 47269 Am Siepenkothen 15
– Heinz 47198 Asberger- 79b
– Heinz 47226 Franz-Schubert- 5
– Heinz 47239 Hochfeld- 139b
– Helga 47239 Ring- 2
– Helmut 47178 Friedrich-Ebert- 183
– Helmut 47059 Ruhrorter- 43
– Helmut 47226 Ziegelfeld- 20
– Henriette 47058 Blumenthal- 58a
– Hildegard 47226 Eichendorff- 13
– Horst 47249 Bertram- 19
– Horst 47228 Moerser- 142
– Horst 47269 Am Krähenhorst 8b
– Horst 47058 Blumenthal- 58a
– Horst 47053 Frieden- 13
– Horst 47058 Ottilienplatz 3
– Horst 47137 Ring- 2
– Horst 47058 Schweizer- 115
– Ingeborg 47226 Siegfried- 20
– Ingeborg 47138 Welschenkampe 5
– Ingrid 47259 Blumen- 38
– Ingrid 47269 Salzach- 2
– Irene 47058 Ottilienplatz 3
– Iris 47179 Schloß- 8
– Iris 47139 Tal- 17
– Jürgen 47169 Bertram- 19
– Katharina 47051 Gutenberg- 2
– Kirstin 47166 Kalthoff- 27a
– Klaus 47051 Günther- 20
– Klaus 47239 Ring- 80
– Klaus-Peter 47139 Karolinger- 9
– Konrad 47166 Reichsberger- 29
– Kurt 47137 Diedenhofener- 12
– Kurt 47053 Siechenhaus- 13
– Leopold 47259 Blankenburger- 63
– Lore 47269 Am Siepenkothen 16
– Lothar 47057 Mülheimer- 116
– Luise 47166 Bleek- 35
– Luise 47137 Lauen- 27
– Manfred 47167 Im Neuenkamp 25
– Manfred 47055 Wanheimer- 299
– Manuela 47239 Im Dreispitz 32
– Marco 47055 Tempeler- 1
– Margarete 47139 Grafenwerther- 40
– Margarete 47249 Am Siepenkothen 76
– Maria 47167 Drübbel- 7
– Marion 47198 Otto- 20
– Martina 47249 Linden- 58
– Martina 47198 Friedhofsallee 128
– Mathilde 47137 Markt- 10
– Melanie 47198 Dunker- 5
– Michael 47239 Breite Biel 19
– Michael 47057 Mozart- 11
– Michael Dr. 47057 Heine- 29
– Michael 47198 Roland- 15
– Michael 47139 Tal- 17
– Michael 47178 Friedhof- 161
– Monika 47167 Georg-Simon-Ohm- 6
– Monika 47228 In den Peschen 5
– Monika 47239 Ring- 80
– Monika 47139 Karolinger- 4
– Nadine 47051 Unter- 35
– Nicole 47058 Hansa- 4
– Nicole 47198 Luisen- 16
– Nina 47167 Im Neuenkamp 25
– Norbert 47137 Eupener- 25
– Otto 47137 Letjens- 1
– Paul 47269 Am Siepenkothen 16c
– Paul 47229 Heidmann- 2
– Peter 47137 Borkhofer- 25
– Peter 47198 Duisburger- 231a
– Peter 47228 Feld- 7
– Peter 47057 Mozart- 11
– Peter 47057 Heine- 29
– Petra 47119 Kraus- 11
Einwohner ● Namen-Teil
Firmen, Gewerbebetriebe usw. nach Namen – siehe gelber Teil
A-DU
